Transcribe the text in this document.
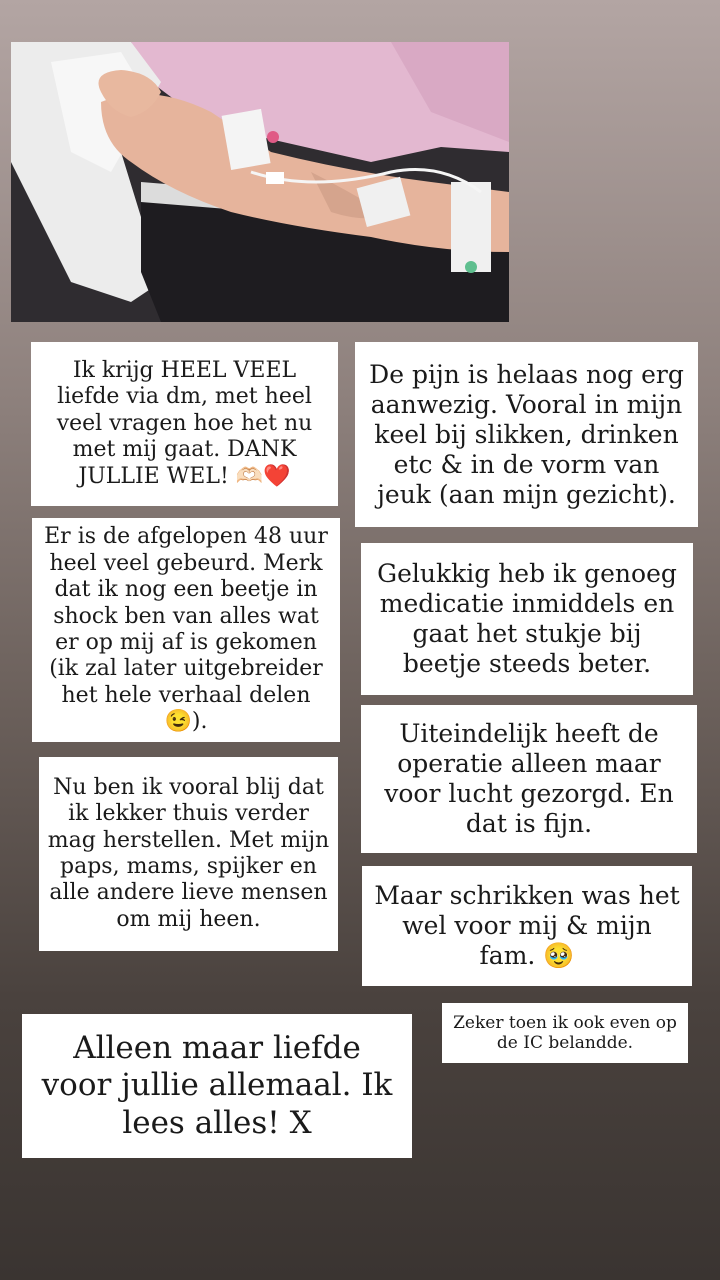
Ik krijg HEEL VEEL liefde via dm, met heel veel vragen hoe het nu met mij gaat. DANK JULLIE WEL! 🫶🏻❤️
De pijn is helaas nog erg aanwezig. Vooral in mijn keel bij slikken, drinken etc & in de vorm van jeuk (aan mijn gezicht).
Er is de afgelopen 48 uur heel veel gebeurd. Merk dat ik nog een beetje in shock ben van alles wat er op mij af is gekomen (ik zal later uitgebreider het hele verhaal delen 😉).
Gelukkig heb ik genoeg medicatie inmiddels en gaat het stukje bij beetje steeds beter.
Nu ben ik vooral blij dat ik lekker thuis verder mag herstellen. Met mijn paps, mams, spijker en alle andere lieve mensen om mij heen.
Uiteindelijk heeft de operatie alleen maar voor lucht gezorgd. En dat is fijn.
Maar schrikken was het wel voor mij & mijn fam. 🥹
Zeker toen ik ook even op de IC belandde.
Alleen maar liefde voor jullie allemaal. Ik lees alles! X
